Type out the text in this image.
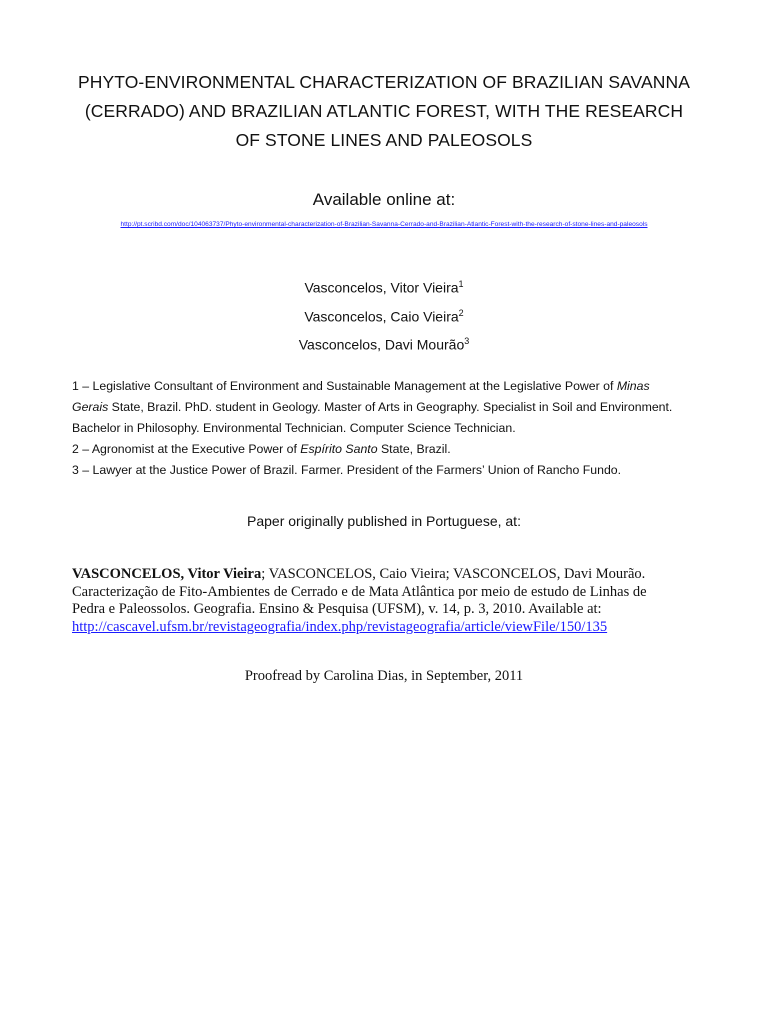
PHYTO-ENVIRONMENTAL CHARACTERIZATION OF BRAZILIAN SAVANNA
(CERRADO) AND BRAZILIAN ATLANTIC FOREST, WITH THE RESEARCH
OF STONE LINES AND PALEOSOLS
Available online at:
http://pt.scribd.com/doc/104063737/Phyto-environmental-characterization-of-Brazilian-Savanna-Cerrado-and-Brazilian-Atlantic-Forest-with-the-research-of-stone-lines-and-paleosols
Vasconcelos, Vitor Vieira$^1$
Vasconcelos, Caio Vieira$^2$
Vasconcelos, Davi Mourão$^3$

1 – Legislative Consultant of Environment and Sustainable Management at the Legislative Power of Minas
Gerais State, Brazil. PhD. student in Geology. Master of Arts in Geography. Specialist in Soil and Environment.
Bachelor in Philosophy. Environmental Technician. Computer Science Technician.

2 – Agronomist at the Executive Power of Espírito Santo State, Brazil.

3 – Lawyer at the Justice Power of Brazil. Farmer. President of the Farmers’ Union of Rancho Fundo.

Paper originally published in Portuguese, at:

VASCONCELOS, Vitor Vieira; VASCONCELOS, Caio Vieira; VASCONCELOS, Davi Mourão.

Caracterização de Fito-Ambientes de Cerrado e de Mata Atlântica por meio de estudo de Linhas de

Pedra e Paleossolos. Geografia. Ensino & Pesquisa (UFSM), v. 14, p. 3, 2010. Available at:

http://cascavel.ufsm.br/revistageografia/index.php/revistageografia/article/viewFile/150/135

Proofread by Carolina Dias, in September, 2011
